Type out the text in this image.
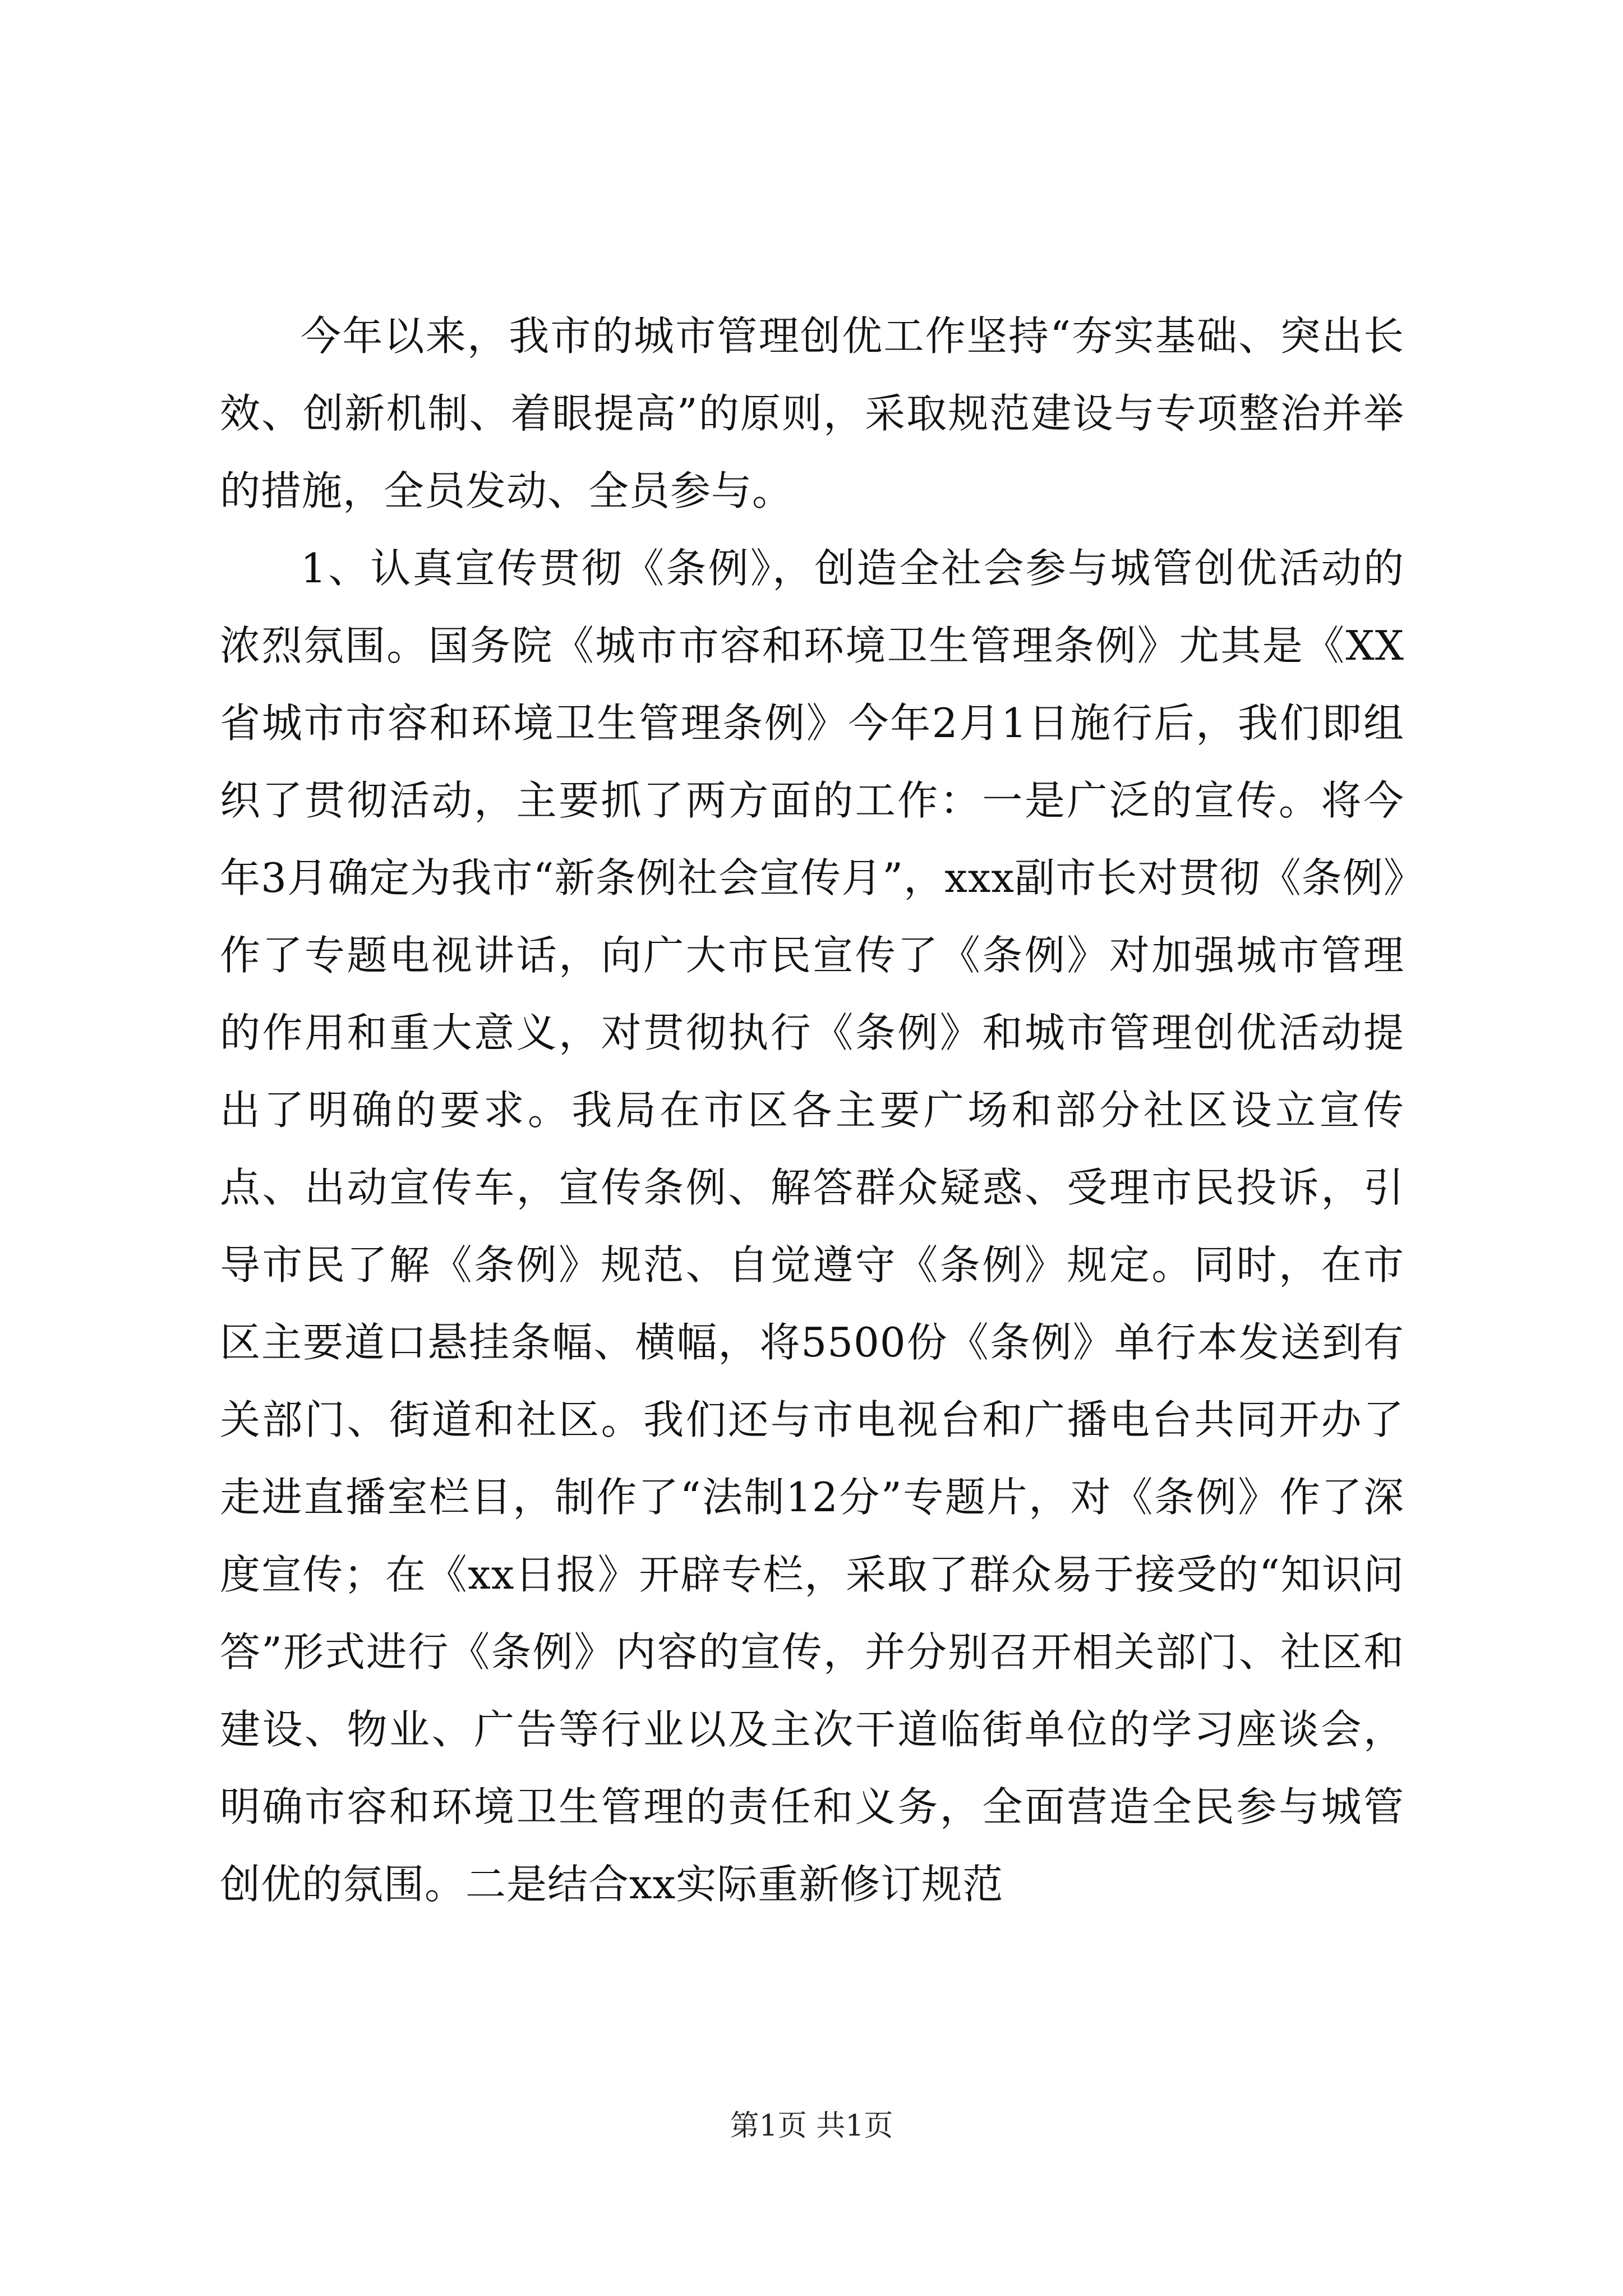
今年以来，我市的城市管理创优工作坚持“夯实基础、突出长效、创新机制、着眼提高”的原则，采取规范建设与专项整治并举的措施，全员发动、全员参与。

1、认真宣传贯彻《条例》，创造全社会参与城管创优活动的浓烈氛围。国务院《城市市容和环境卫生管理条例》尤其是《XX省城市市容和环境卫生管理条例》今年2月1日施行后，我们即组织了贯彻活动，主要抓了两方面的工作：一是广泛的宣传。将今年3月确定为我市“新条例社会宣传月”，xxx副市长对贯彻《条例》作了专题电视讲话，向广大市民宣传了《条例》对加强城市管理的作用和重大意义，对贯彻执行《条例》和城市管理创优活动提出了明确的要求。我局在市区各主要广场和部分社区设立宣传点、出动宣传车，宣传条例、解答群众疑惑、受理市民投诉，引导市民了解《条例》规范、自觉遵守《条例》规定。同时，在市区主要道口悬挂条幅、横幅，将5500份《条例》单行本发送到有关部门、街道和社区。我们还与市电视台和广播电台共同开办了走进直播室栏目，制作了“法制12分”专题片，对《条例》作了深度宣传；在《xx日报》开辟专栏，采取了群众易于接受的“知识问答”形式进行《条例》内容的宣传，并分别召开相关部门、社区和建设、物业、广告等行业以及主次干道临街单位的学习座谈会，明确市容和环境卫生管理的责任和义务，全面营造全民参与城管创优的氛围。二是结合xx实际重新修订规范

第1页 共1页
